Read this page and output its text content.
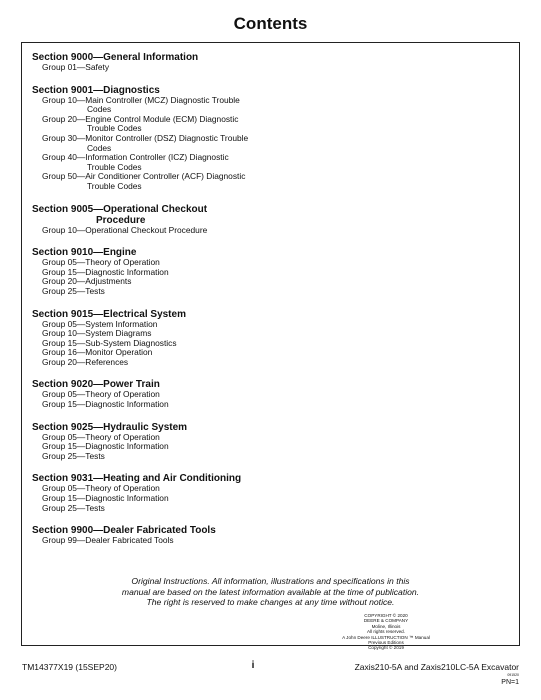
Contents
Section 9000—General Information
Group 01—Safety
Section 9001—Diagnostics
Group 10—Main Controller (MCZ) Diagnostic Trouble
Codes
Group 20—Engine Control Module (ECM) Diagnostic
Trouble Codes
Group 30—Monitor Controller (DSZ) Diagnostic Trouble
Codes
Group 40—Information Controller (ICZ) Diagnostic
Trouble Codes
Group 50—Air Conditioner Controller (ACF) Diagnostic
Trouble Codes
Section 9005—Operational Checkout
Procedure
Group 10—Operational Checkout Procedure
Section 9010—Engine
Group 05—Theory of Operation
Group 15—Diagnostic Information
Group 20—Adjustments
Group 25—Tests
Section 9015—Electrical System
Group 05—System Information
Group 10—System Diagrams
Group 15—Sub-System Diagnostics
Group 16—Monitor Operation
Group 20—References
Section 9020—Power Train
Group 05—Theory of Operation
Group 15—Diagnostic Information
Section 9025—Hydraulic System
Group 05—Theory of Operation
Group 15—Diagnostic Information
Group 25—Tests
Section 9031—Heating and Air Conditioning
Group 05—Theory of Operation
Group 15—Diagnostic Information
Group 25—Tests
Section 9900—Dealer Fabricated Tools
Group 99—Dealer Fabricated Tools
Original Instructions. All information, illustrations and specifications in this
manual are based on the latest information available at the time of publication.
The right is reserved to make changes at any time without notice.
COPYRIGHT © 2020
DEERE & COMPANY
Moline, Illinois
All rights reserved.
A John Deere ILLUSTRUCTION ™ Manual
Previous Editions
Copyright © 2019
TM14377X19 (15SEP20)	i	Zaxis210-5A and Zaxis210LC-5A Excavator
091520
PN=1
